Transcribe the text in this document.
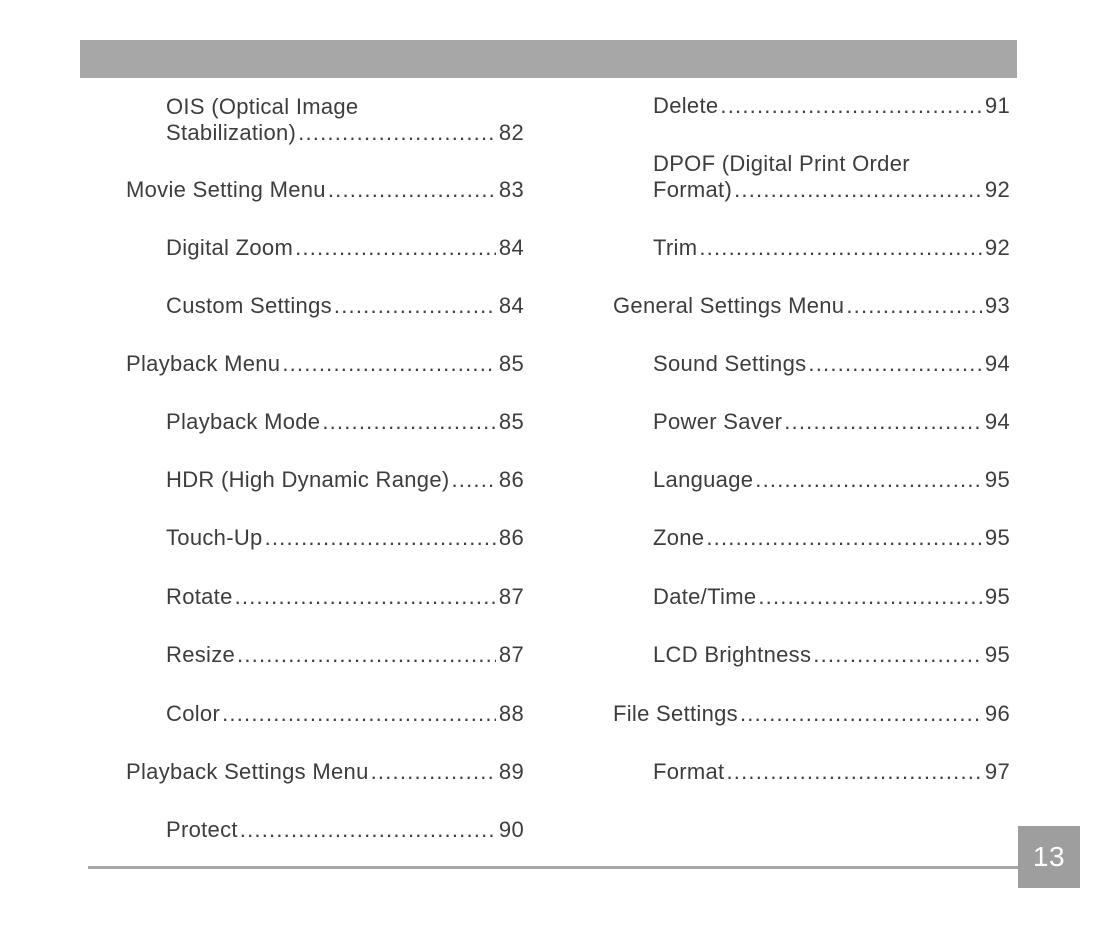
OIS (Optical Image
Stabilization) .....	82
Movie Setting Menu .....	83
Digital Zoom .....	84
Custom Settings .....	84
Playback Menu .....	85
Playback Mode .....	85
HDR (High Dynamic Range) ..... 86
Touch-Up .....	86
Rotate .....	87
Resize .....	87
Color .....	88
Playback Settings Menu .....	89
Protect .....	90
Delete .....	91
DPOF (Digital Print Order
Format) .....	92
Trim .....	92
General Settings Menu .....	93
Sound Settings .....	94
Power Saver .....	94
Language .....	95
Zone .....	95
Date/Time .....	95
LCD Brightness .....	95
File Settings .....	96
Format .....	97
13
